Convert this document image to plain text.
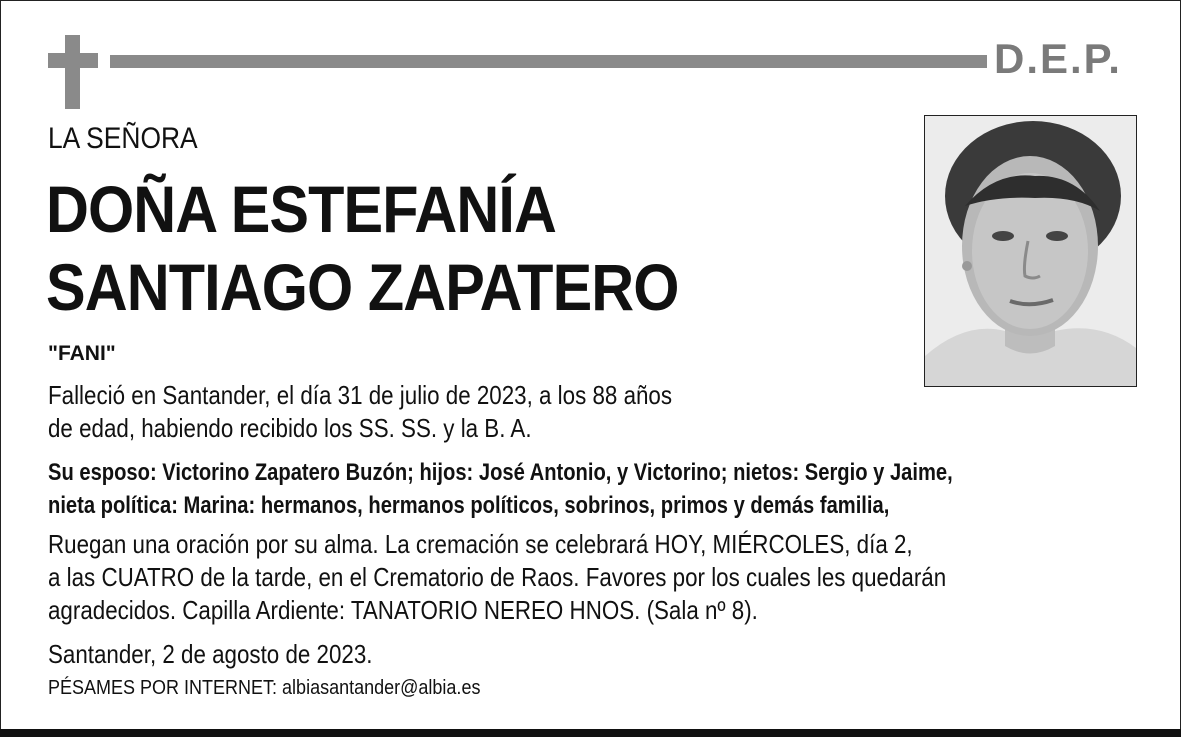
D.E.P.
LA SEÑORA
DOÑA ESTEFANÍA
SANTIAGO ZAPATERO
"FANI"
Falleció en Santander, el día 31 de julio de 2023, a los 88 años
de edad, habiendo recibido los SS. SS. y la B. A.
Su esposo: Victorino Zapatero Buzón; hijos: José Antonio, y Victorino; nietos: Sergio y Jaime,
nieta política: Marina: hermanos, hermanos políticos, sobrinos, primos y demás familia,
Ruegan una oración por su alma. La cremación se celebrará HOY, MIÉRCOLES, día 2,
a las CUATRO de la tarde, en el Crematorio de Raos. Favores por los cuales les quedarán
agradecidos. Capilla Ardiente: TANATORIO NEREO HNOS. (Sala nº 8).
Santander, 2 de agosto de 2023.
PÉSAMES POR INTERNET: albiasantander@albia.es
